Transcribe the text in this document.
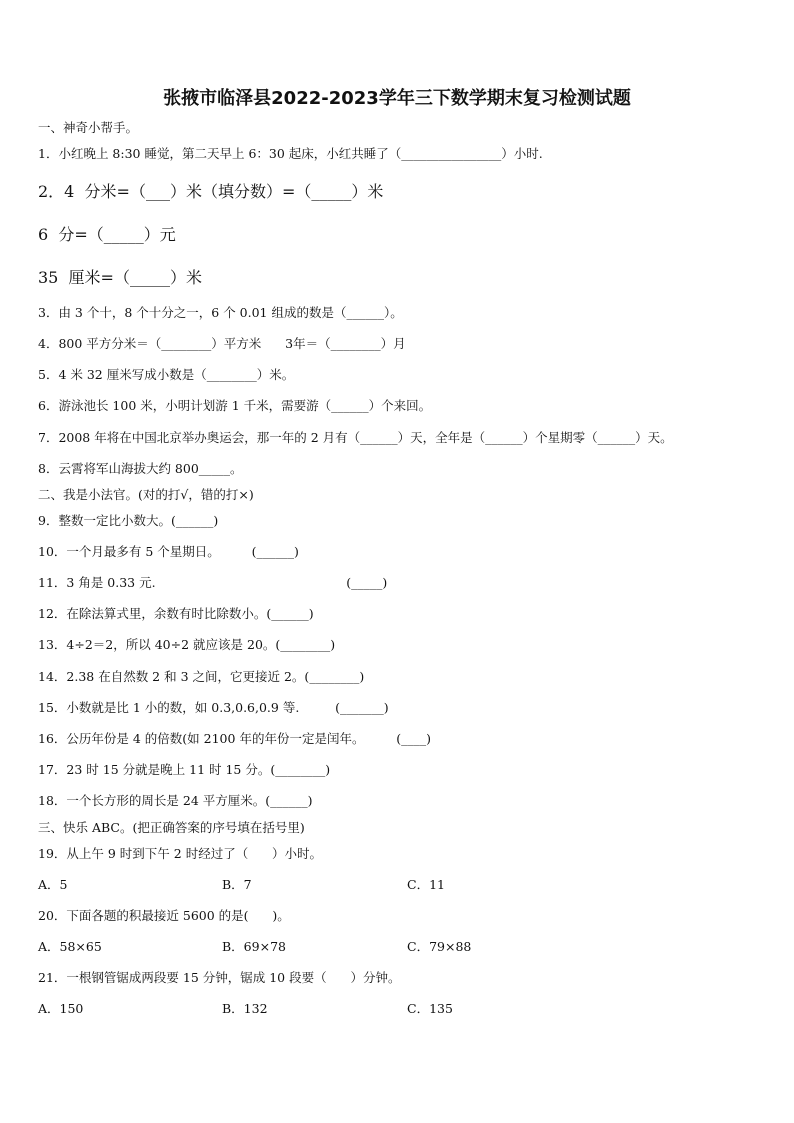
张掖市临泽县2022-2023学年三下数学期末复习检测试题
一、神奇小帮手。
1．小红晚上 8:30 睡觉，第二天早上 6：30 起床，小红共睡了（________________）小时.
2．4  分米=（___）米（填分数）=（_____）米
6  分=（_____）元
35  厘米=（_____）米
3．由 3 个十，8 个十分之一，6 个 0.01 组成的数是（______）。
4．800 平方分米＝（________）平方米      3年＝（________）月
5．4 米 32 厘米写成小数是（________）米。
6．游泳池长 100 米，小明计划游 1 千米，需要游（______）个来回。
7．2008 年将在中国北京举办奥运会，那一年的 2 月有（______）天，全年是（______）个星期零（______）天。
8．云霄将军山海拔大约 800_____。
二、我是小法官。(对的打√，错的打×)
9．整数一定比小数大。(______)
10．一个月最多有 5 个星期日。        (______)
11．3 角是 0.33 元.                                                (_____)
12．在除法算式里，余数有时比除数小。(______)
13．4÷2＝2，所以 40÷2 就应该是 20。(________)
14．2.38 在自然数 2 和 3 之间，它更接近 2。(________)
15．小数就是比 1 小的数，如 0.3,0.6,0.9 等.         (_______)
16．公历年份是 4 的倍数(如 2100 年的年份一定是闰年。        (____)
17．23 时 15 分就是晚上 11 时 15 分。(________)
18．一个长方形的周长是 24 平方厘米。(______)
三、快乐 ABC。(把正确答案的序号填在括号里)
19．从上午 9 时到下午 2 时经过了（      ）小时。
A．5	B．7	C．11
20．下面各题的积最接近 5600 的是(      )。
A．58×65	B．69×78	C．79×88
21．一根钢管锯成两段要 15 分钟，锯成 10 段要（      ）分钟。
A．150	B．132	C．135
